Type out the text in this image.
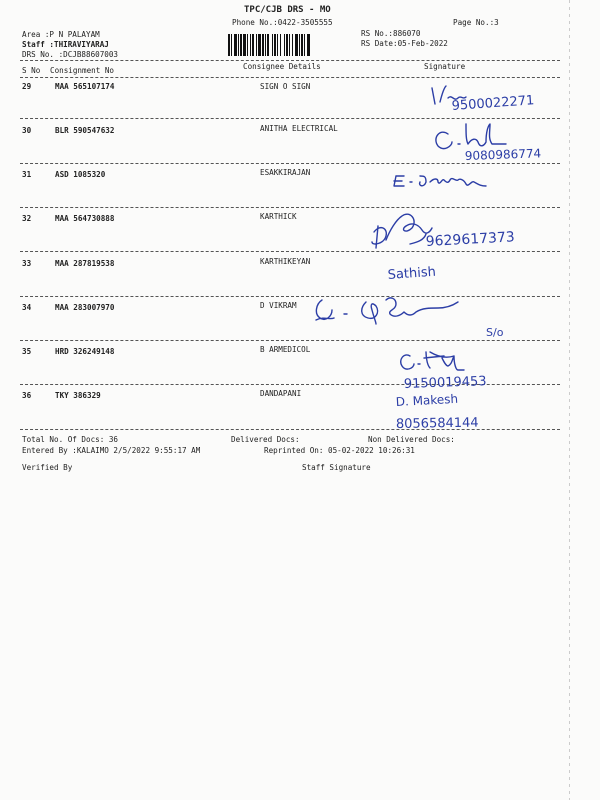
TPC/CJB DRS - MO
Phone No.:0422-3505555	Page No.:3
Area :P N PALAYAM
Staff :THIRAVIYARAJ
DRS No. :DCJB88607003
RS No.:886070
RS Date:05-Feb-2022
S No Consignment No	Consignee Details	Signature
29	MAA 565107174	SIGN O SIGN
30	BLR 590547632	ANITHA ELECTRICAL
31	ASD 1085320	ESAKKIRAJAN
32	MAA 564730888	KARTHICK
33	MAA 287819538	KARTHIKEYAN
34	MAA 283007970	D VIKRAM
35	HRD 326249148	B ARMEDICOL
36	TKY 386329	DANDAPANI
Total No. Of Docs: 36	Delivered Docs:	Non Delivered Docs:
Entered By :KALAIMO 2/5/2022 9:55:17 AM	Reprinted On: 05-02-2022 10:26:31
Verified By	Staff Signature
9500022271
9080986774
9629617373
Sathish
S/o
9150019453
D. Makesh
8056584144
